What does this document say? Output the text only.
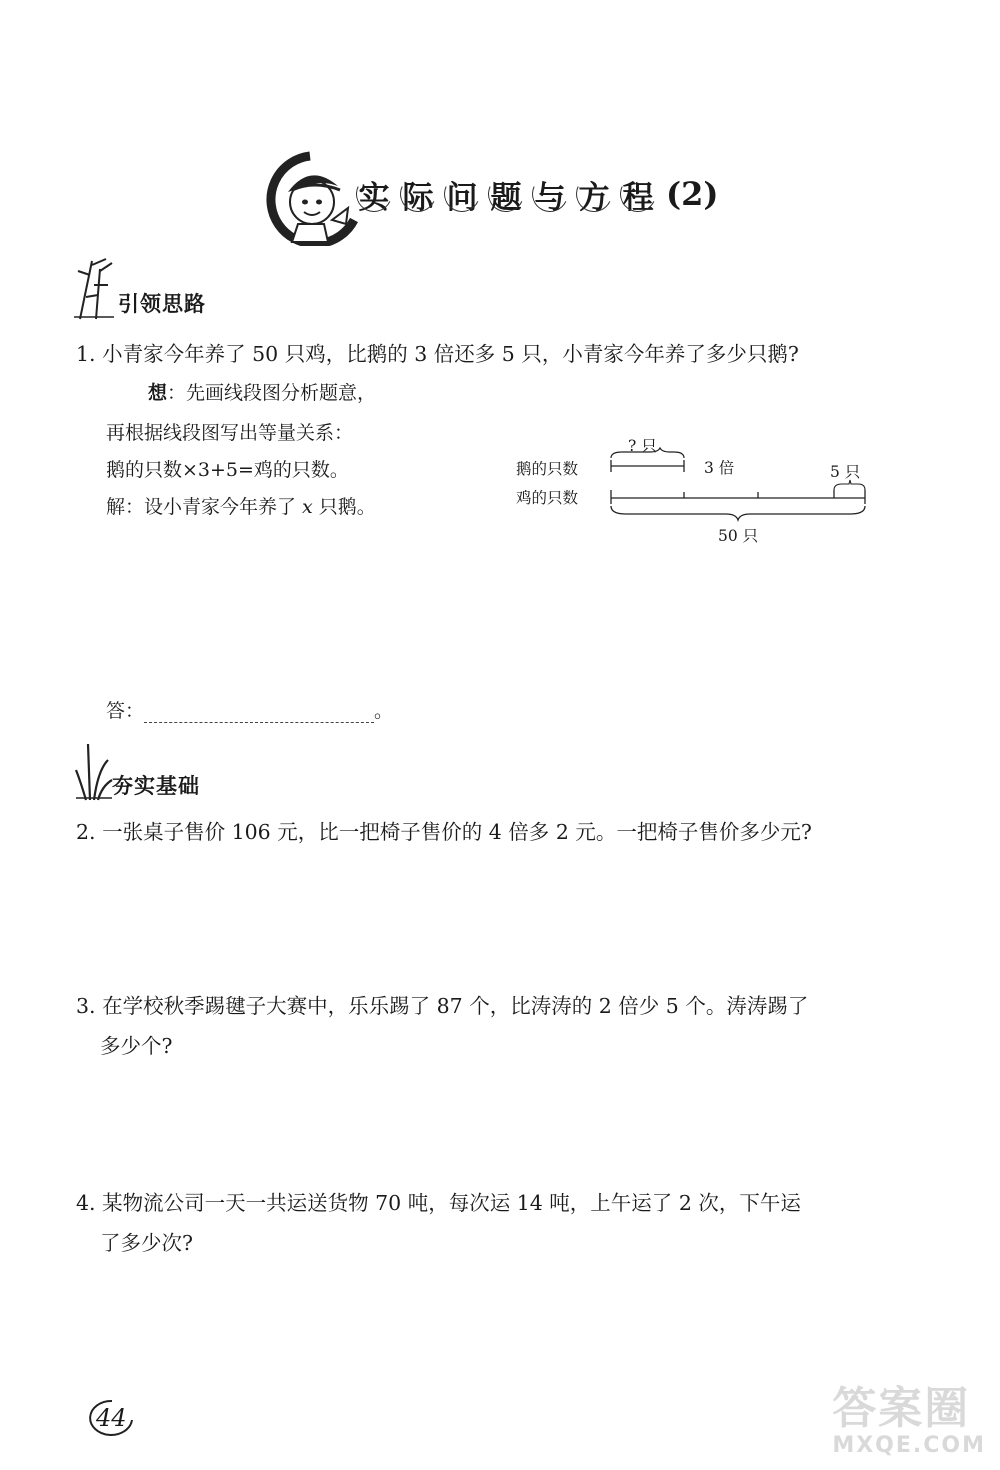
实 际 问 题 与 方 程 (2)
引领思路
1. 小青家今年养了 50 只鸡，比鹅的 3 倍还多 5 只，小青家今年养了多少只鹅?
想：先画线段图分析题意，
再根据线段图写出等量关系：
鹅的只数×3+5=鸡的只数。
解：设小青家今年养了 x 只鹅。
鹅的只数
鸡的只数
? 只
3 倍	5 只
50 只
答：	。
夯实基础
2. 一张桌子售价 106 元，比一把椅子售价的 4 倍多 2 元。一把椅子售价多少元?
3. 在学校秋季踢毽子大赛中，乐乐踢了 87 个，比涛涛的 2 倍少 5 个。涛涛踢了
多少个?
4. 某物流公司一天一共运送货物 70 吨，每次运 14 吨，上午运了 2 次，下午运
了多少次?
44	答案圈
MXQE.COM
